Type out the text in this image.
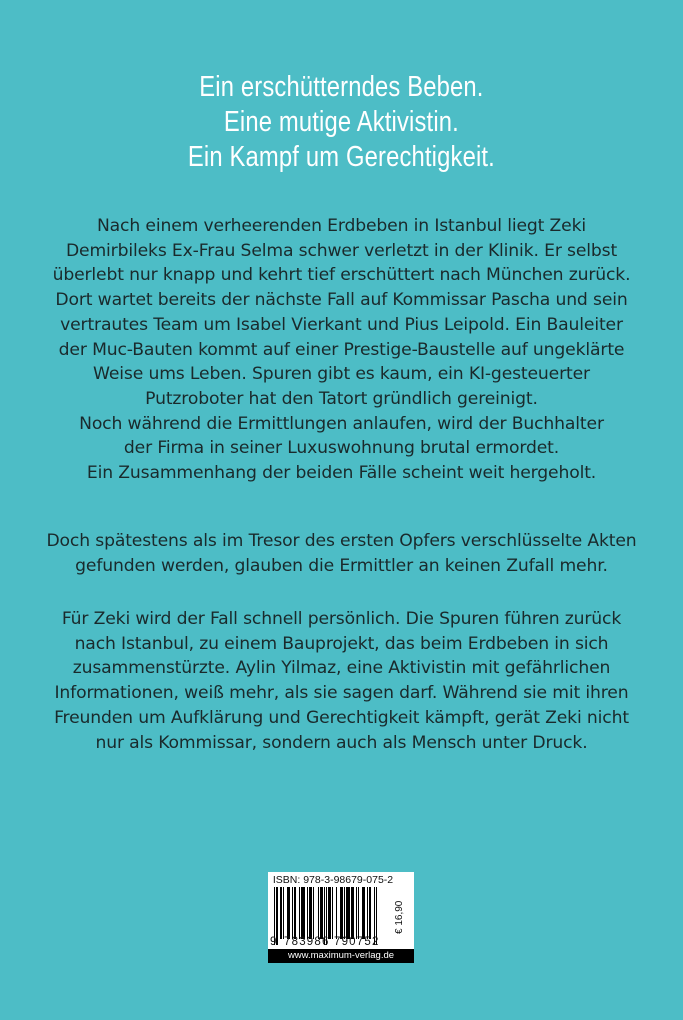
Ein erschütterndes Beben.
Eine mutige Aktivistin.
Ein Kampf um Gerechtigkeit.
Nach einem verheerenden Erdbeben in Istanbul liegt Zeki
Demirbileks Ex-Frau Selma schwer verletzt in der Klinik. Er selbst
überlebt nur knapp und kehrt tief erschüttert nach München zurück.
Dort wartet bereits der nächste Fall auf Kommissar Pascha und sein
vertrautes Team um Isabel Vierkant und Pius Leipold. Ein Bauleiter
der Muc-Bauten kommt auf einer Prestige-Baustelle auf ungeklärte
Weise ums Leben. Spuren gibt es kaum, ein KI-gesteuerter
Putzroboter hat den Tatort gründlich gereinigt.
Noch während die Ermittlungen anlaufen, wird der Buchhalter
der Firma in seiner Luxuswohnung brutal ermordet.
Ein Zusammenhang der beiden Fälle scheint weit hergeholt.
Doch spätestens als im Tresor des ersten Opfers verschlüsselte Akten
gefunden werden, glauben die Ermittler an keinen Zufall mehr.
Für Zeki wird der Fall schnell persönlich. Die Spuren führen zurück
nach Istanbul, zu einem Bauprojekt, das beim Erdbeben in sich
zusammenstürzte. Aylin Yilmaz, eine Aktivistin mit gefährlichen
Informationen, weiß mehr, als sie sagen darf. Während sie mit ihren
Freunden um Aufklärung und Gerechtigkeit kämpft, gerät Zeki nicht
nur als Kommissar, sondern auch als Mensch unter Druck.
ISBN: 978-3-98679-075-2
9 783986 790752
€ 16,90
www.maximum-verlag.de
